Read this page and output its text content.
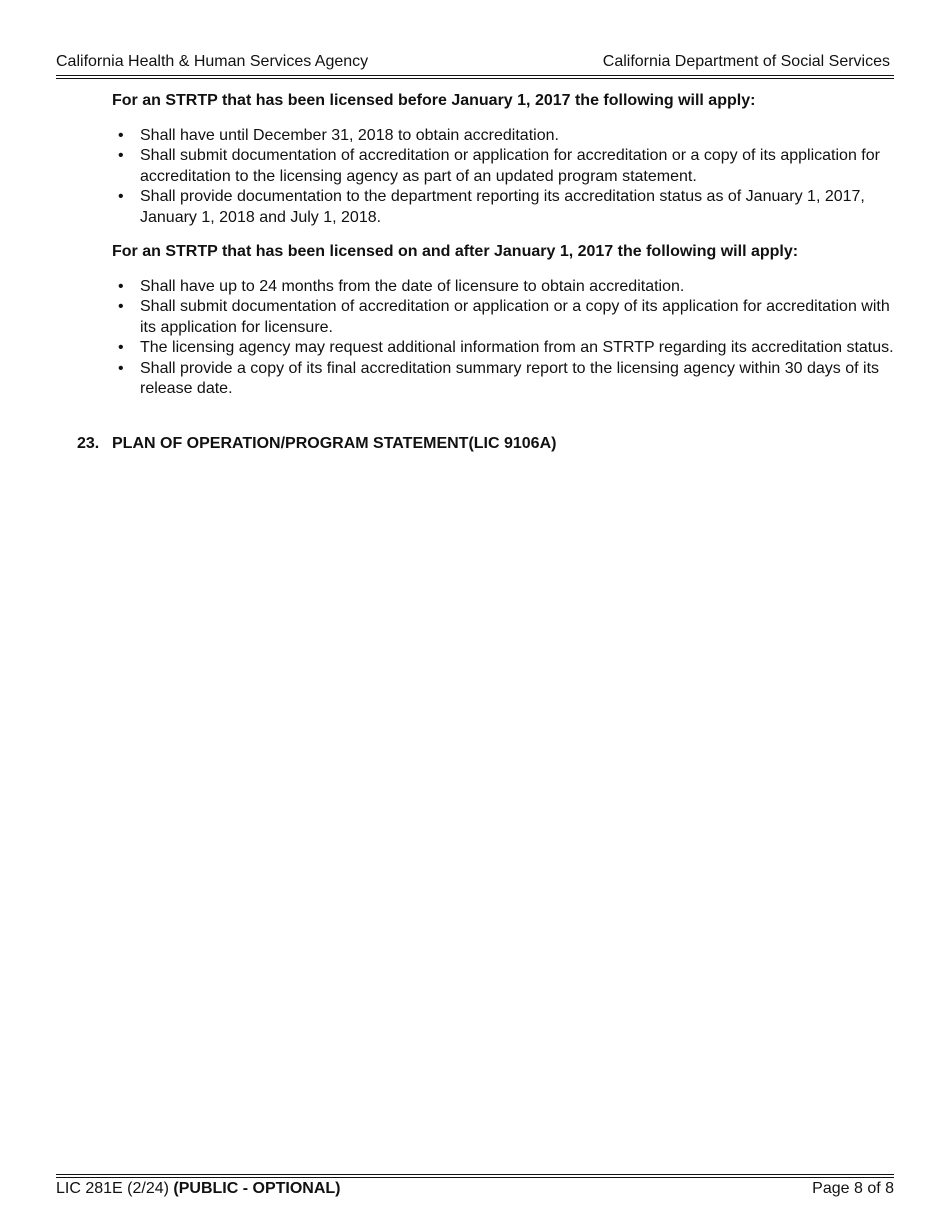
California Health & Human Services Agency	California Department of Social Services

For an STRTP that has been licensed before January 1, 2017 the following will apply:

• Shall have until December 31, 2018 to obtain accreditation.
• Shall submit documentation of accreditation or application for accreditation or a copy of its application for accreditation to the licensing agency as part of an updated program statement.
• Shall provide documentation to the department reporting its accreditation status as of January 1, 2017, January 1, 2018 and July 1, 2018.

For an STRTP that has been licensed on and after January 1, 2017 the following will apply:

• Shall have up to 24 months from the date of licensure to obtain accreditation.
• Shall submit documentation of accreditation or application or a copy of its application for accreditation with its application for licensure.
• The licensing agency may request additional information from an STRTP regarding its accreditation status.
• Shall provide a copy of its final accreditation summary report to the licensing agency within 30 days of its release date.
23. PLAN OF OPERATION/PROGRAM STATEMENT(LIC 9106A)
LIC 281E (2/24) (PUBLIC - OPTIONAL)	Page 8 of 8
